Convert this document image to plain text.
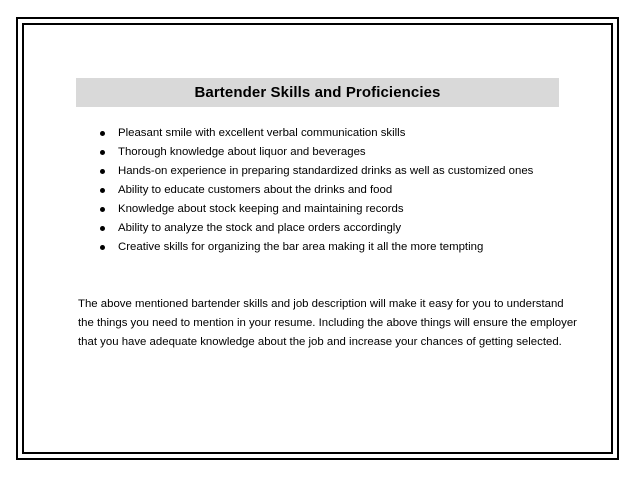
Bartender Skills and Proficiencies
Pleasant smile with excellent verbal communication skills
Thorough knowledge about liquor and beverages
Hands-on experience in preparing standardized drinks as well as customized ones
Ability to educate customers about the drinks and food
Knowledge about stock keeping and maintaining records
Ability to analyze the stock and place orders accordingly
Creative skills for organizing the bar area making it all the more tempting

The above mentioned bartender skills and job description will make it easy for you to understand the things you need to mention in your resume. Including the above things will ensure the employer that you have adequate knowledge about the job and increase your chances of getting selected.
